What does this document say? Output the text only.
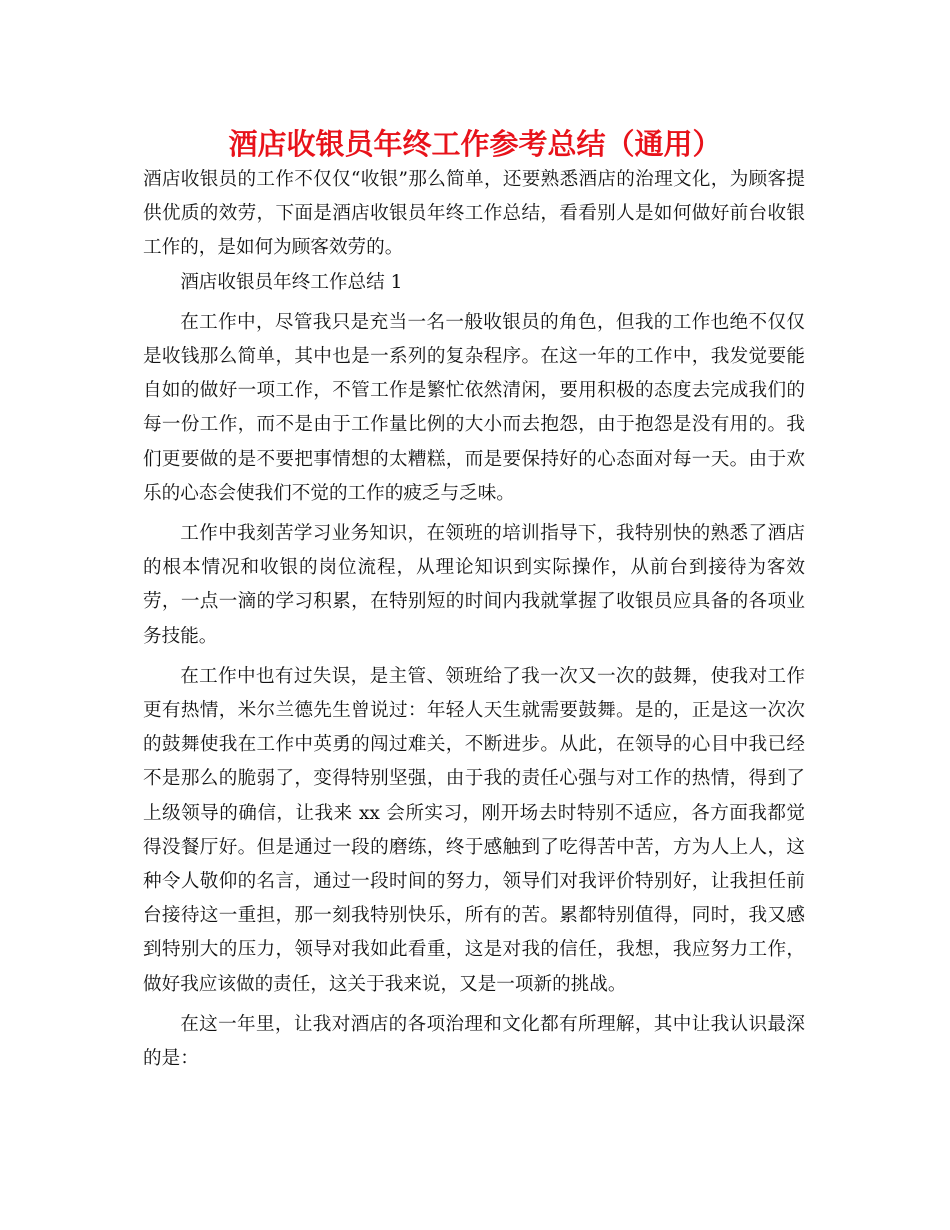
酒店收银员年终工作参考总结（通用）

酒店收银员的工作不仅仅“收银”那么简单，还要熟悉酒店的治理文化，为顾客提供优质的效劳，下面是酒店收银员年终工作总结，看看别人是如何做好前台收银工作的，是如何为顾客效劳的。

酒店收银员年终工作总结 1

在工作中，尽管我只是充当一名一般收银员的角色，但我的工作也绝不仅仅是收钱那么简单，其中也是一系列的复杂程序。在这一年的工作中，我发觉要能自如的做好一项工作，不管工作是繁忙依然清闲，要用积极的态度去完成我们的每一份工作，而不是由于工作量比例的大小而去抱怨，由于抱怨是没有用的。我们更要做的是不要把事情想的太糟糕，而是要保持好的心态面对每一天。由于欢乐的心态会使我们不觉的工作的疲乏与乏味。

工作中我刻苦学习业务知识，在领班的培训指导下，我特别快的熟悉了酒店的根本情况和收银的岗位流程，从理论知识到实际操作，从前台到接待为客效劳，一点一滴的学习积累，在特别短的时间内我就掌握了收银员应具备的各项业务技能。

在工作中也有过失误，是主管、领班给了我一次又一次的鼓舞，使我对工作更有热情，米尔兰德先生曾说过：年轻人天生就需要鼓舞。是的，正是这一次次的鼓舞使我在工作中英勇的闯过难关，不断进步。从此，在领导的心目中我已经不是那么的脆弱了，变得特别坚强，由于我的责任心强与对工作的热情，得到了上级领导的确信，让我来 xx 会所实习，刚开场去时特别不适应，各方面我都觉得没餐厅好。但是通过一段的磨练，终于感触到了吃得苦中苦，方为人上人，这种令人敬仰的名言，通过一段时间的努力，领导们对我评价特别好，让我担任前台接待这一重担，那一刻我特别快乐，所有的苦。累都特别值得，同时，我又感到特别大的压力，领导对我如此看重，这是对我的信任，我想，我应努力工作，做好我应该做的责任，这关于我来说，又是一项新的挑战。

在这一年里，让我对酒店的各项治理和文化都有所理解，其中让我认识最深的是：
